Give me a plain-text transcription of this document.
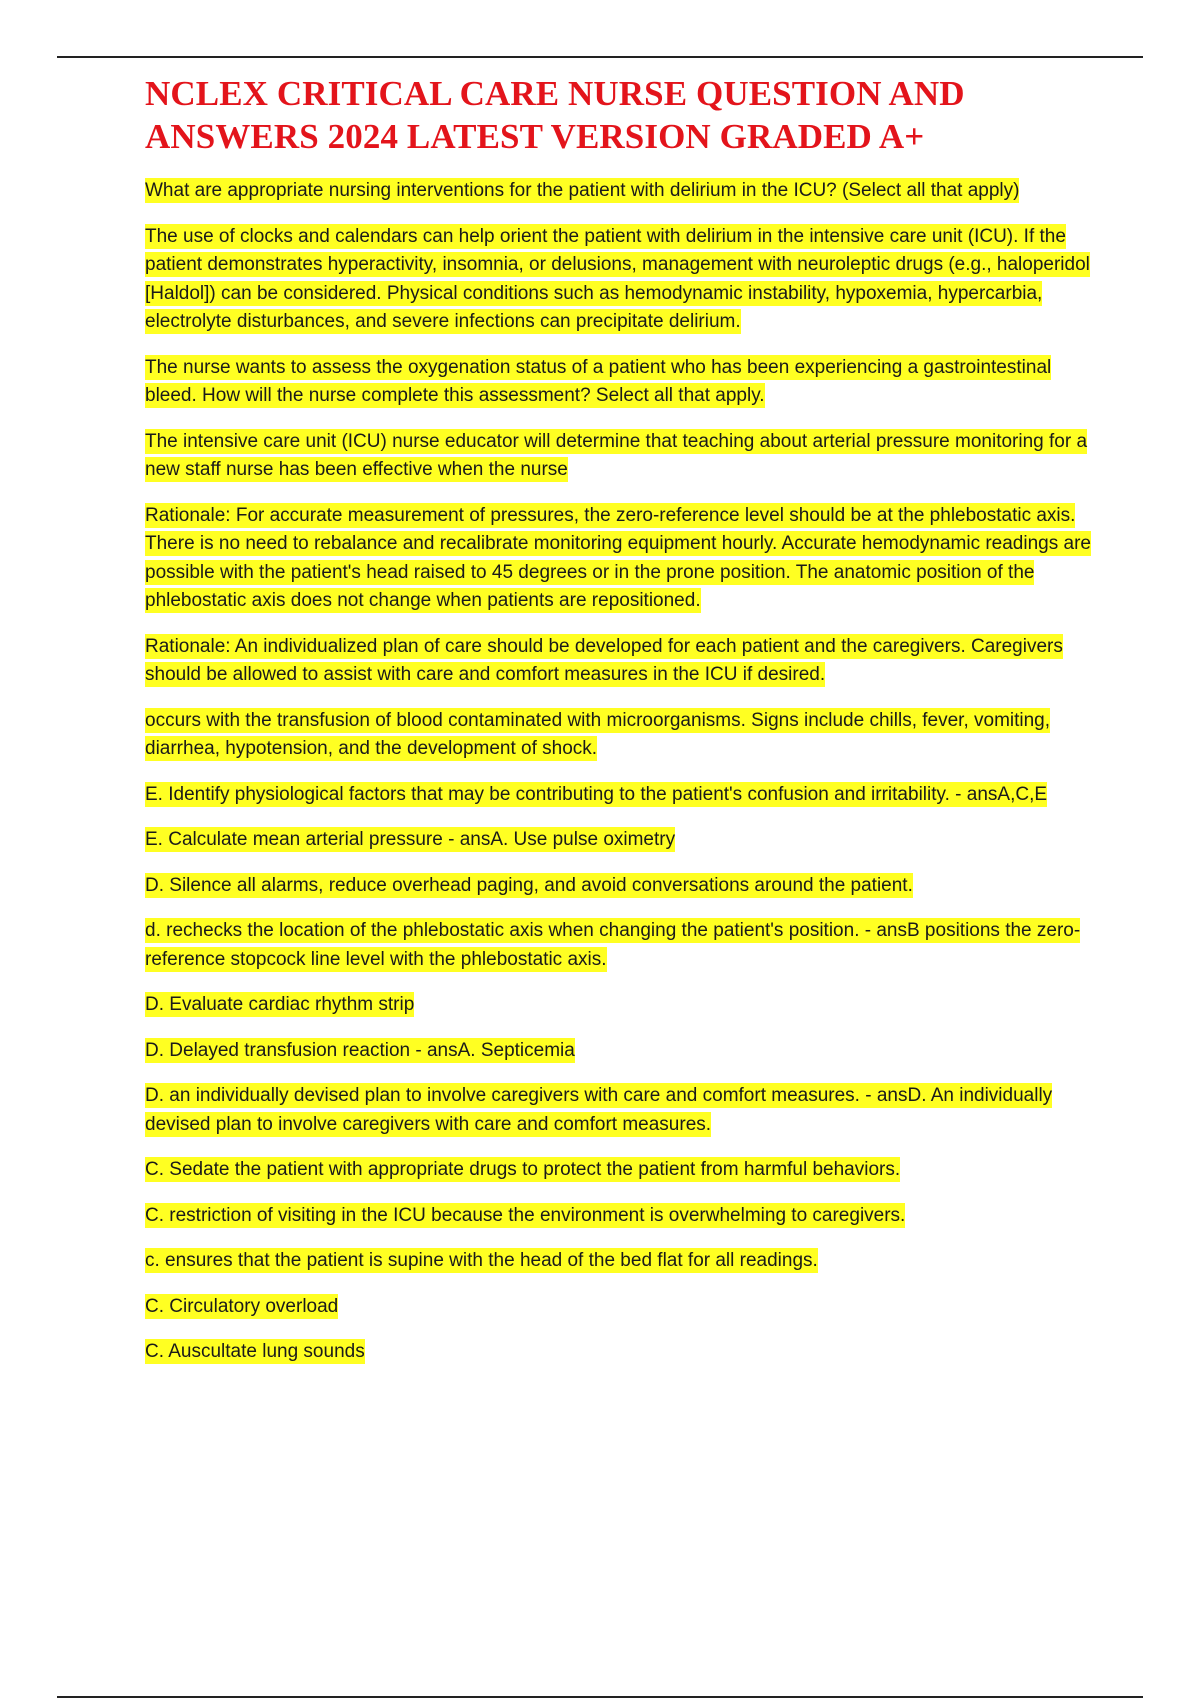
NCLEX CRITICAL CARE NURSE QUESTION AND ANSWERS 2024 LATEST VERSION GRADED A+

What are appropriate nursing interventions for the patient with delirium in the ICU? (Select all that apply)

The use of clocks and calendars can help orient the patient with delirium in the intensive care unit (ICU). If the patient demonstrates hyperactivity, insomnia, or delusions, management with neuroleptic drugs (e.g., haloperidol [Haldol]) can be considered. Physical conditions such as hemodynamic instability, hypoxemia, hypercarbia, electrolyte disturbances, and severe infections can precipitate delirium.

The nurse wants to assess the oxygenation status of a patient who has been experiencing a gastrointestinal bleed. How will the nurse complete this assessment? Select all that apply.

The intensive care unit (ICU) nurse educator will determine that teaching about arterial pressure monitoring for a new staff nurse has been effective when the nurse

Rationale: For accurate measurement of pressures, the zero-reference level should be at the phlebostatic axis. There is no need to rebalance and recalibrate monitoring equipment hourly. Accurate hemodynamic readings are possible with the patient's head raised to 45 degrees or in the prone position. The anatomic position of the phlebostatic axis does not change when patients are repositioned.

Rationale: An individualized plan of care should be developed for each patient and the caregivers. Caregivers should be allowed to assist with care and comfort measures in the ICU if desired.

occurs with the transfusion of blood contaminated with microorganisms. Signs include chills, fever, vomiting, diarrhea, hypotension, and the development of shock.

E. Identify physiological factors that may be contributing to the patient's confusion and irritability. - ansA,C,E

E. Calculate mean arterial pressure - ansA. Use pulse oximetry

D. Silence all alarms, reduce overhead paging, and avoid conversations around the patient.

d. rechecks the location of the phlebostatic axis when changing the patient's position. - ansB positions the zero-reference stopcock line level with the phlebostatic axis.

D. Evaluate cardiac rhythm strip

D. Delayed transfusion reaction - ansA. Septicemia

D. an individually devised plan to involve caregivers with care and comfort measures. - ansD. An individually devised plan to involve caregivers with care and comfort measures.

C. Sedate the patient with appropriate drugs to protect the patient from harmful behaviors.

C. restriction of visiting in the ICU because the environment is overwhelming to caregivers.

c. ensures that the patient is supine with the head of the bed flat for all readings.

C. Circulatory overload

C. Auscultate lung sounds
